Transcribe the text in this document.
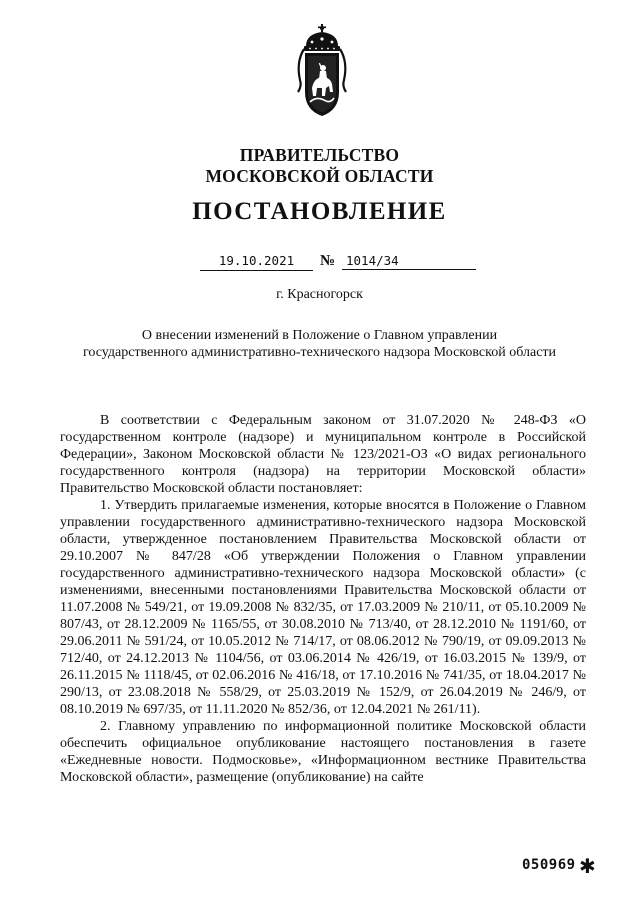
ПРАВИТЕЛЬСТВО
МОСКОВСКОЙ ОБЛАСТИ
ПОСТАНОВЛЕНИЕ
19.10.2021	№ 1014/34
г. Красногорск
О внесении изменений в Положение о Главном управлении
государственного административно-технического надзора Московской области

В соответствии с Федеральным законом от 31.07.2020 № 248-ФЗ «О государственном контроле (надзоре) и муниципальном контроле в Российской Федерации», Законом Московской области № 123/2021-ОЗ «О видах регионального государственного контроля (надзора) на территории Московской области» Правительство Московской области постановляет:

1. Утвердить прилагаемые изменения, которые вносятся в Положение о Главном управлении государственного административно-технического надзора Московской области, утвержденное постановлением Правительства Московской области от 29.10.2007 № 847/28 «Об утверждении Положения о Главном управлении государственного административно-технического надзора Московской области» (с изменениями, внесенными постановлениями Правительства Московской области от 11.07.2008 № 549/21, от 19.09.2008 № 832/35, от 17.03.2009 № 210/11, от 05.10.2009 № 807/43, от 28.12.2009 № 1165/55, от 30.08.2010 № 713/40, от 28.12.2010 № 1191/60, от 29.06.2011 № 591/24, от 10.05.2012 № 714/17, от 08.06.2012 № 790/19, от 09.09.2013 № 712/40, от 24.12.2013 № 1104/56, от 03.06.2014 № 426/19, от 16.03.2015 № 139/9, от 26.11.2015 № 1118/45, от 02.06.2016 № 416/18, от 17.10.2016 № 741/35, от 18.04.2017 № 290/13, от 23.08.2018 № 558/29, от 25.03.2019 № 152/9, от 26.04.2019 № 246/9, от 08.10.2019 № 697/35, от 11.11.2020 № 852/36, от 12.04.2021 № 261/11).

2. Главному управлению по информационной политике Московской области обеспечить официальное опубликование настоящего постановления в газете «Ежедневные новости. Подмосковье», «Информационном вестнике Правительства Московской области», размещение (опубликование) на сайте

050969 ✱
